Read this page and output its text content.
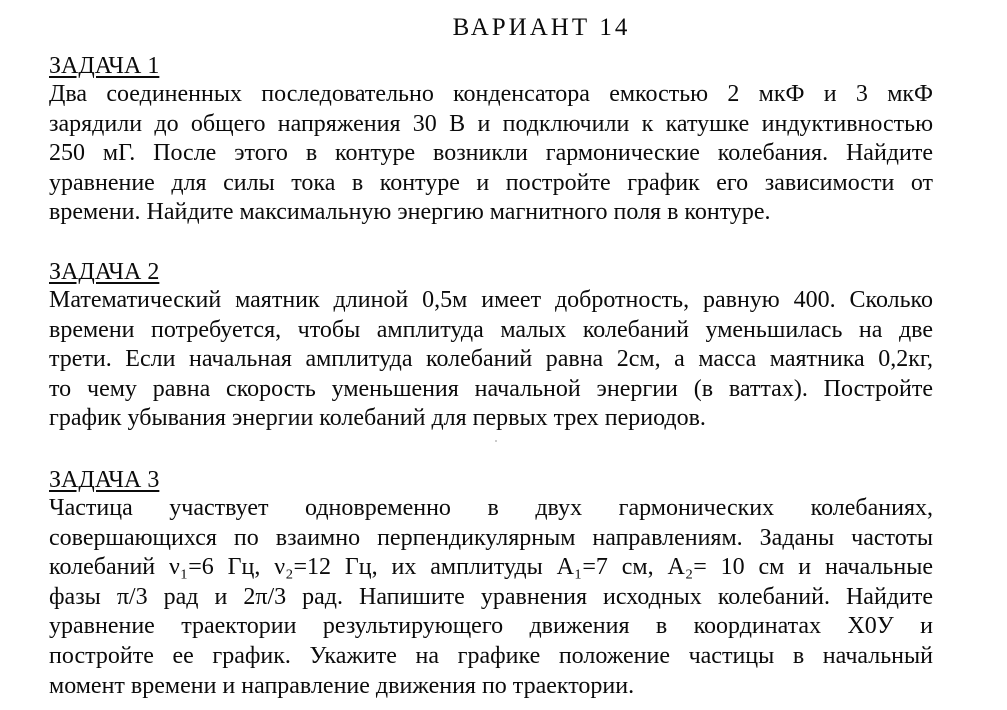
ВАРИАНТ 14
ЗАДАЧА 1
Два соединенных последовательно конденсатора емкостью 2 мкФ и 3 мкФ
зарядили до общего напряжения 30 В и подключили к катушке индуктивностью
250 мГ. После этого в контуре возникли гармонические колебания. Найдите
уравнение для силы тока в контуре и постройте график его зависимости от
времени. Найдите максимальную энергию магнитного поля в контуре.
ЗАДАЧА 2
Математический маятник длиной 0,5м имеет добротность, равную 400. Сколько
времени потребуется, чтобы амплитуда малых колебаний уменьшилась на две
трети. Если начальная амплитуда колебаний равна 2см, а масса маятника 0,2кг,
то чему равна скорость уменьшения начальной энергии (в ваттах). Постройте
график убывания энергии колебаний для первых трех периодов.
ЗАДАЧА 3
Частица участвует одновременно в двух гармонических колебаниях,
совершающихся по взаимно перпендикулярным направлениям. Заданы частоты
колебаний ν₁=6 Гц, ν₂=12 Гц, их амплитуды A₁=7 см, A₂= 10 см и начальные
фазы π/3 рад и 2π/3 рад. Напишите уравнения исходных колебаний. Найдите
уравнение траектории результирующего движения в координатах X0У и
постройте ее график. Укажите на графике положение частицы в начальный
момент времени и направление движения по траектории.
